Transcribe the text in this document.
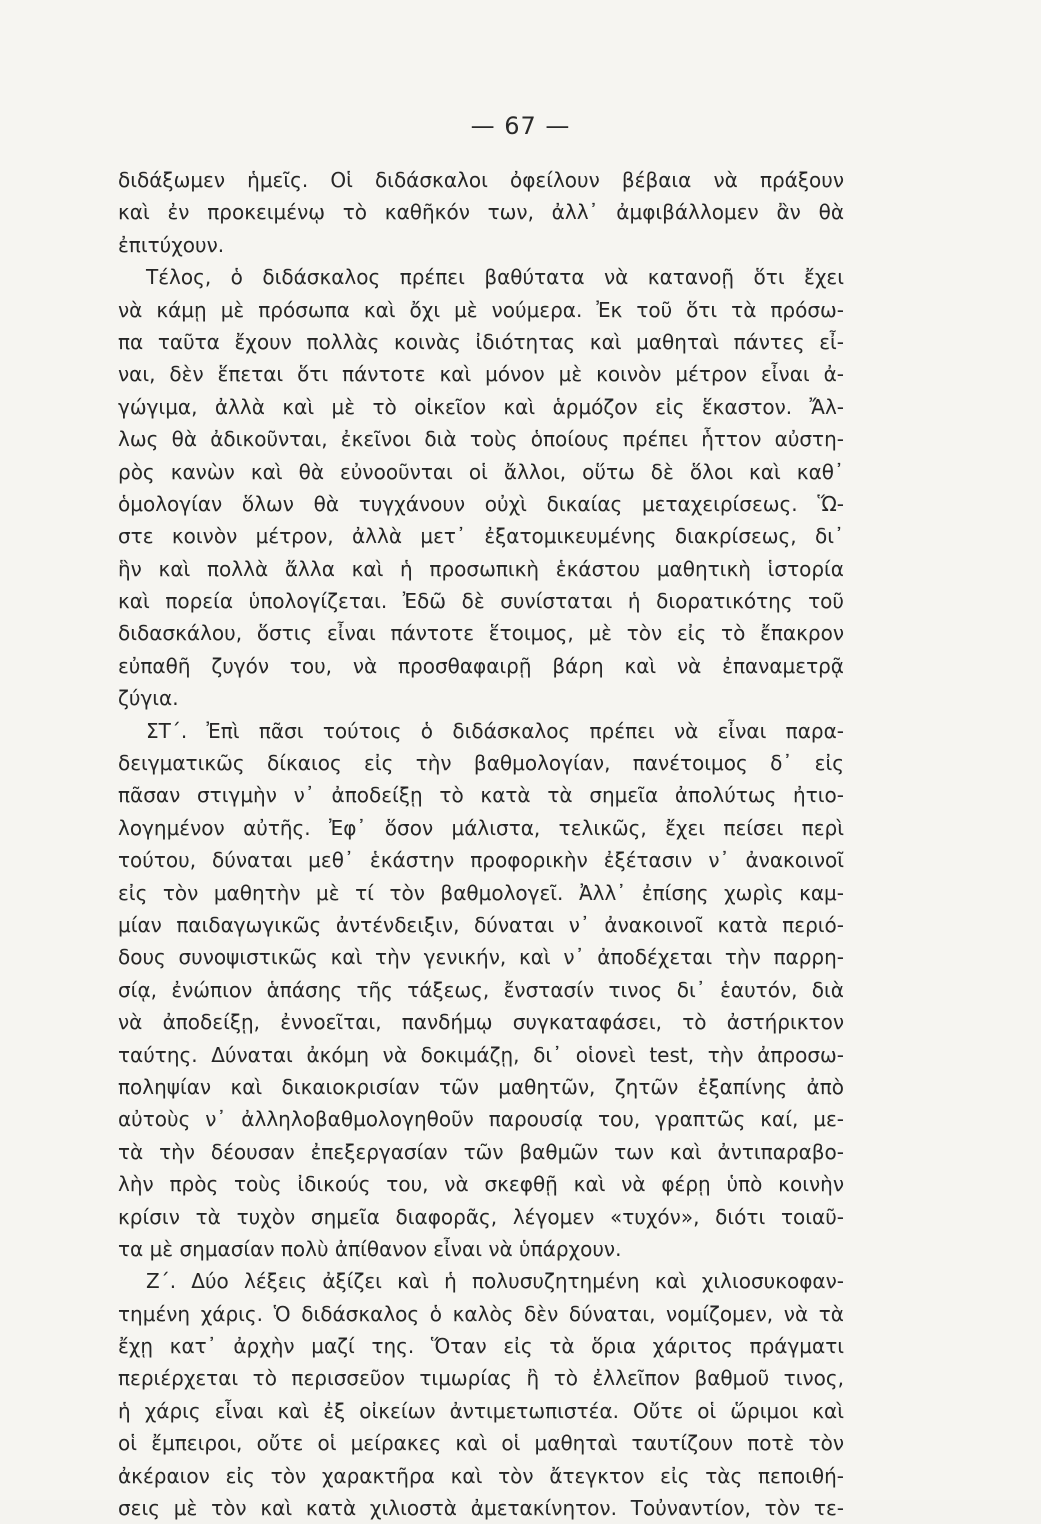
— 67 —
διδάξωμεν ἡμεῖς. Οἱ διδάσκαλοι ὀφείλουν βέβαια νὰ πράξουν
καὶ ἐν προκειμένῳ τὸ καθῆκόν των, ἀλλ᾽ ἀμφιβάλλομεν ἂν θὰ
ἐπιτύχουν.
Τέλος, ὁ διδάσκαλος πρέπει βαθύτατα νὰ κατανοῇ ὅτι ἔχει
νὰ κάμῃ μὲ πρόσωπα καὶ ὄχι μὲ νούμερα. Ἐκ τοῦ ὅτι τὰ πρόσω-
πα ταῦτα ἔχουν πολλὰς κοινὰς ἰδιότητας καὶ μαθηταὶ πάντες εἶ-
ναι, δὲν ἕπεται ὅτι πάντοτε καὶ μόνον μὲ κοινὸν μέτρον εἶναι ἀ-
γώγιμα, ἀλλὰ καὶ μὲ τὸ οἰκεῖον καὶ ἁρμόζον εἰς ἕκαστον. Ἄλ-
λως θὰ ἀδικοῦνται, ἐκεῖνοι διὰ τοὺς ὁποίους πρέπει ἧττον αὐστη-
ρὸς κανὼν καὶ θὰ εὐνοοῦνται οἱ ἄλλοι, οὕτω δὲ ὅλοι καὶ καθ᾽
ὁμολογίαν ὅλων θὰ τυγχάνουν οὐχὶ δικαίας μεταχειρίσεως. Ὥ-
στε κοινὸν μέτρον, ἀλλὰ μετ᾽ ἐξατομικευμένης διακρίσεως, δι᾽
ἣν καὶ πολλὰ ἄλλα καὶ ἡ προσωπικὴ ἑκάστου μαθητικὴ ἱστορία
καὶ πορεία ὑπολογίζεται. Ἐδῶ δὲ συνίσταται ἡ διορατικότης τοῦ
διδασκάλου, ὅστις εἶναι πάντοτε ἕτοιμος, μὲ τὸν εἰς τὸ ἔπακρον
εὐπαθῆ ζυγόν του, νὰ προσθαφαιρῇ βάρη καὶ νὰ ἐπαναμετρᾷ
ζύγια.
ΣΤ΄. Ἐπὶ πᾶσι τούτοις ὁ διδάσκαλος πρέπει νὰ εἶναι παρα-
δειγματικῶς δίκαιος εἰς τὴν βαθμολογίαν, πανέτοιμος δ᾽ εἰς
πᾶσαν στιγμὴν ν᾽ ἀποδείξῃ τὸ κατὰ τὰ σημεῖα ἀπολύτως ἠτιο-
λογημένον αὐτῆς. Ἐφ᾽ ὅσον μάλιστα, τελικῶς, ἔχει πείσει περὶ
τούτου, δύναται μεθ᾽ ἑκάστην προφορικὴν ἐξέτασιν ν᾽ ἀνακοινοῖ
εἰς τὸν μαθητὴν μὲ τί τὸν βαθμολογεῖ. Ἀλλ᾽ ἐπίσης χωρὶς καμ-
μίαν παιδαγωγικῶς ἀντένδειξιν, δύναται ν᾽ ἀνακοινοῖ κατὰ περιό-
δους συνοψιστικῶς καὶ τὴν γενικήν, καὶ ν᾽ ἀποδέχεται τὴν παρρη-
σίᾳ, ἐνώπιον ἁπάσης τῆς τάξεως, ἔνστασίν τινος δι᾽ ἑαυτόν, διὰ
νὰ ἀποδείξῃ, ἐννοεῖται, πανδήμῳ συγκαταφάσει, τὸ ἀστήρικτον
ταύτης. Δύναται ἀκόμη νὰ δοκιμάζῃ, δι᾽ οἱονεὶ test, τὴν ἀπροσω-
ποληψίαν καὶ δικαιοκρισίαν τῶν μαθητῶν, ζητῶν ἐξαπίνης ἀπὸ
αὐτοὺς ν᾽ ἀλληλοβαθμολογηθοῦν παρουσίᾳ του, γραπτῶς καί, με-
τὰ τὴν δέουσαν ἐπεξεργασίαν τῶν βαθμῶν των καὶ ἀντιπαραβο-
λὴν πρὸς τοὺς ἰδικούς του, νὰ σκεφθῇ καὶ νὰ φέρῃ ὑπὸ κοινὴν
κρίσιν τὰ τυχὸν σημεῖα διαφορᾶς, λέγομεν «τυχόν», διότι τοιαῦ-
τα μὲ σημασίαν πολὺ ἀπίθανον εἶναι νὰ ὑπάρχουν.
Ζ΄. Δύο λέξεις ἀξίζει καὶ ἡ πολυσυζητημένη καὶ χιλιοσυκοφαν-
τημένη χάρις. Ὁ διδάσκαλος ὁ καλὸς δὲν δύναται, νομίζομεν, νὰ τὰ
ἔχῃ κατ᾽ ἀρχὴν μαζί της. Ὅταν εἰς τὰ ὅρια χάριτος πράγματι
περιέρχεται τὸ περισσεῦον τιμωρίας ἢ τὸ ἐλλεῖπον βαθμοῦ τινος,
ἡ χάρις εἶναι καὶ ἐξ οἰκείων ἀντιμετωπιστέα. Οὔτε οἱ ὥριμοι καὶ
οἱ ἔμπειροι, οὔτε οἱ μείρακες καὶ οἱ μαθηταὶ ταυτίζουν ποτὲ τὸν
ἀκέραιον εἰς τὸν χαρακτῆρα καὶ τὸν ἄτεγκτον εἰς τὰς πεποιθή-
σεις μὲ τὸν καὶ κατὰ χιλιοστὰ ἀμετακίνητον. Τοὐναντίον, τὸν τε-
